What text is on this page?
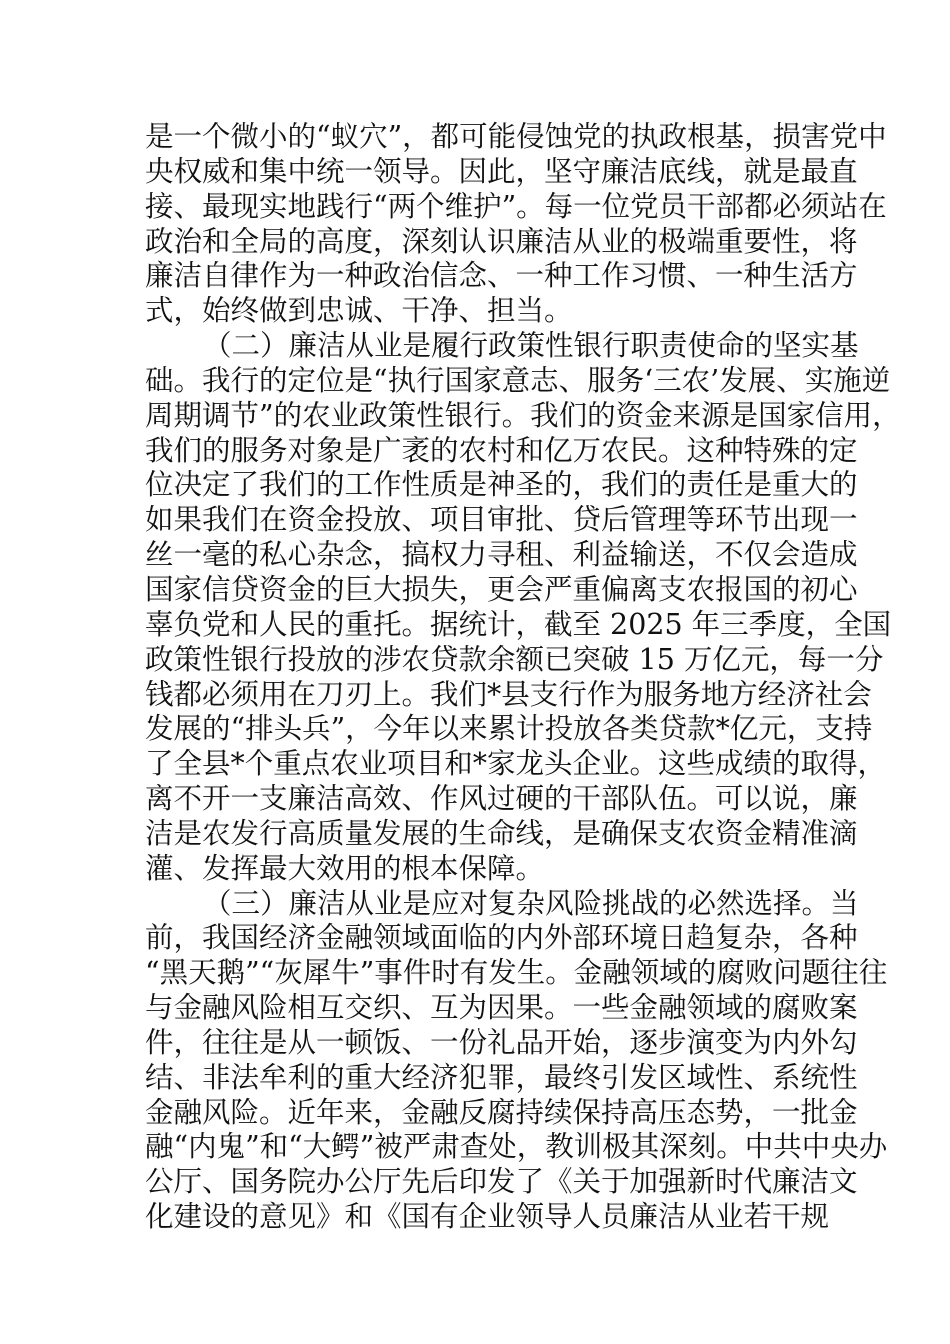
是一个微小的“蚁穴”，都可能侵蚀党的执政根基，损害党中
央权威和集中统一领导。因此，坚守廉洁底线，就是最直
接、最现实地践行“两个维护”。每一位党员干部都必须站在
政治和全局的高度，深刻认识廉洁从业的极端重要性，将
廉洁自律作为一种政治信念、一种工作习惯、一种生活方
式，始终做到忠诚、干净、担当。
（二）廉洁从业是履行政策性银行职责使命的坚实基
础。我行的定位是“执行国家意志、服务‘三农’发展、实施逆
周期调节”的农业政策性银行。我们的资金来源是国家信用，
我们的服务对象是广袤的农村和亿万农民。这种特殊的定
位决定了我们的工作性质是神圣的，我们的责任是重大的
如果我们在资金投放、项目审批、贷后管理等环节出现一
丝一毫的私心杂念，搞权力寻租、利益输送，不仅会造成
国家信贷资金的巨大损失，更会严重偏离支农报国的初心
辜负党和人民的重托。据统计，截至 2025 年三季度，全国
政策性银行投放的涉农贷款余额已突破 15 万亿元，每一分
钱都必须用在刀刃上。我们*县支行作为服务地方经济社会
发展的“排头兵”，今年以来累计投放各类贷款*亿元，支持
了全县*个重点农业项目和*家龙头企业。这些成绩的取得，
离不开一支廉洁高效、作风过硬的干部队伍。可以说，廉
洁是农发行高质量发展的生命线，是确保支农资金精准滴
灌、发挥最大效用的根本保障。
（三）廉洁从业是应对复杂风险挑战的必然选择。当
前，我国经济金融领域面临的内外部环境日趋复杂，各种
“黑天鹅”“灰犀牛”事件时有发生。金融领域的腐败问题往往
与金融风险相互交织、互为因果。一些金融领域的腐败案
件，往往是从一顿饭、一份礼品开始，逐步演变为内外勾
结、非法牟利的重大经济犯罪，最终引发区域性、系统性
金融风险。近年来，金融反腐持续保持高压态势，一批金
融“内鬼”和“大鳄”被严肃查处，教训极其深刻。中共中央办
公厅、国务院办公厅先后印发了《关于加强新时代廉洁文
化建设的意见》和《国有企业领导人员廉洁从业若干规
